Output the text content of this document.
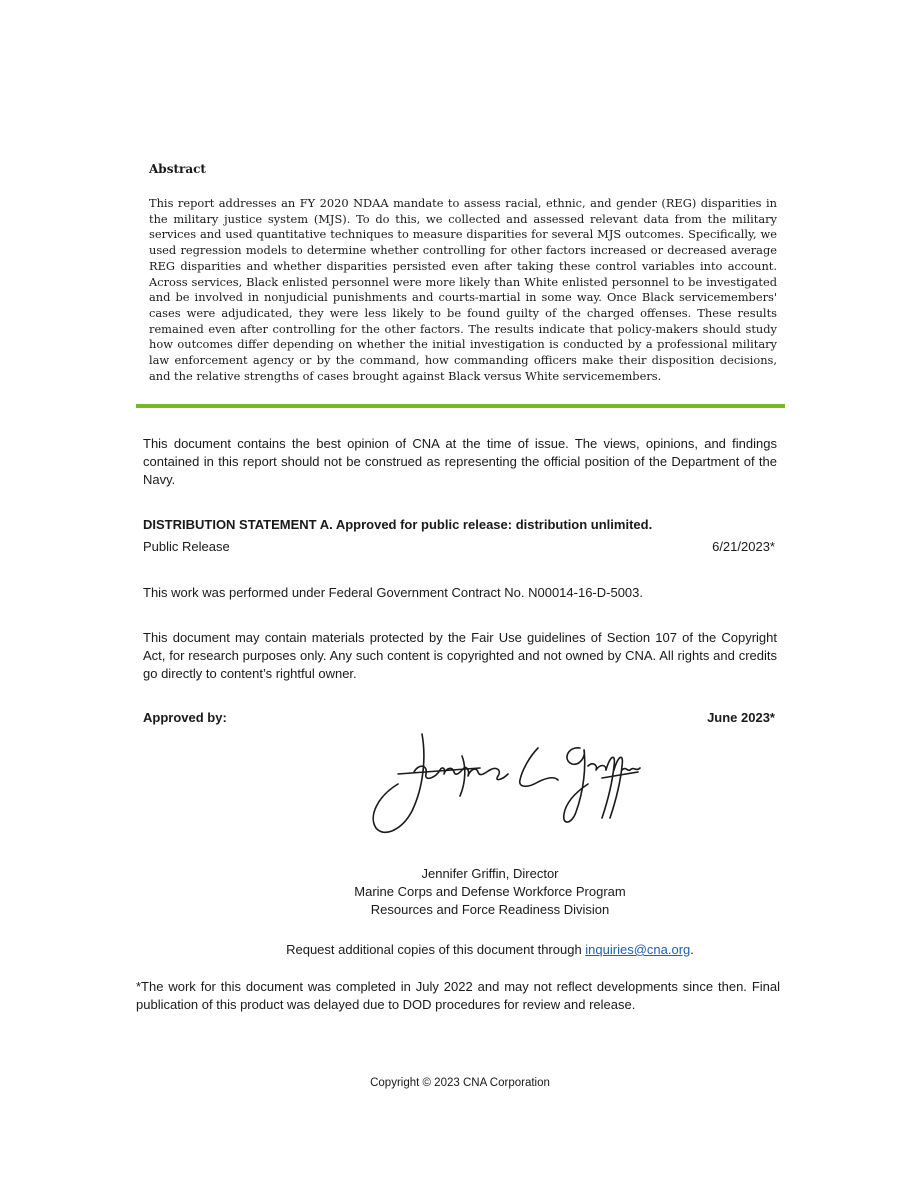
Abstract
This report addresses an FY 2020 NDAA mandate to assess racial, ethnic, and gender (REG) disparities in the military justice system (MJS). To do this, we collected and assessed relevant data from the military services and used quantitative techniques to measure disparities for several MJS outcomes. Specifically, we used regression models to determine whether controlling for other factors increased or decreased average REG disparities and whether disparities persisted even after taking these control variables into account. Across services, Black enlisted personnel were more likely than White enlisted personnel to be investigated and be involved in nonjudicial punishments and courts-martial in some way. Once Black servicemembers' cases were adjudicated, they were less likely to be found guilty of the charged offenses. These results remained even after controlling for the other factors. The results indicate that policy-makers should study how outcomes differ depending on whether the initial investigation is conducted by a professional military law enforcement agency or by the command, how commanding officers make their disposition decisions, and the relative strengths of cases brought against Black versus White servicemembers.
This document contains the best opinion of CNA at the time of issue. The views, opinions, and findings contained in this report should not be construed as representing the official position of the Department of the Navy.
DISTRIBUTION STATEMENT A. Approved for public release: distribution unlimited.
Public Release	6/21/2023*
This work was performed under Federal Government Contract No. N00014-16-D-5003.
This document may contain materials protected by the Fair Use guidelines of Section 107 of the Copyright Act, for research purposes only. Any such content is copyrighted and not owned by CNA. All rights and credits go directly to content’s rightful owner.
Approved by:	June 2023*
Jennifer Griffin, Director
Marine Corps and Defense Workforce Program
Resources and Force Readiness Division
Request additional copies of this document through inquiries@cna.org.
*The work for this document was completed in July 2022 and may not reflect developments since then. Final publication of this product was delayed due to DOD procedures for review and release.
Copyright © 2023 CNA Corporation
